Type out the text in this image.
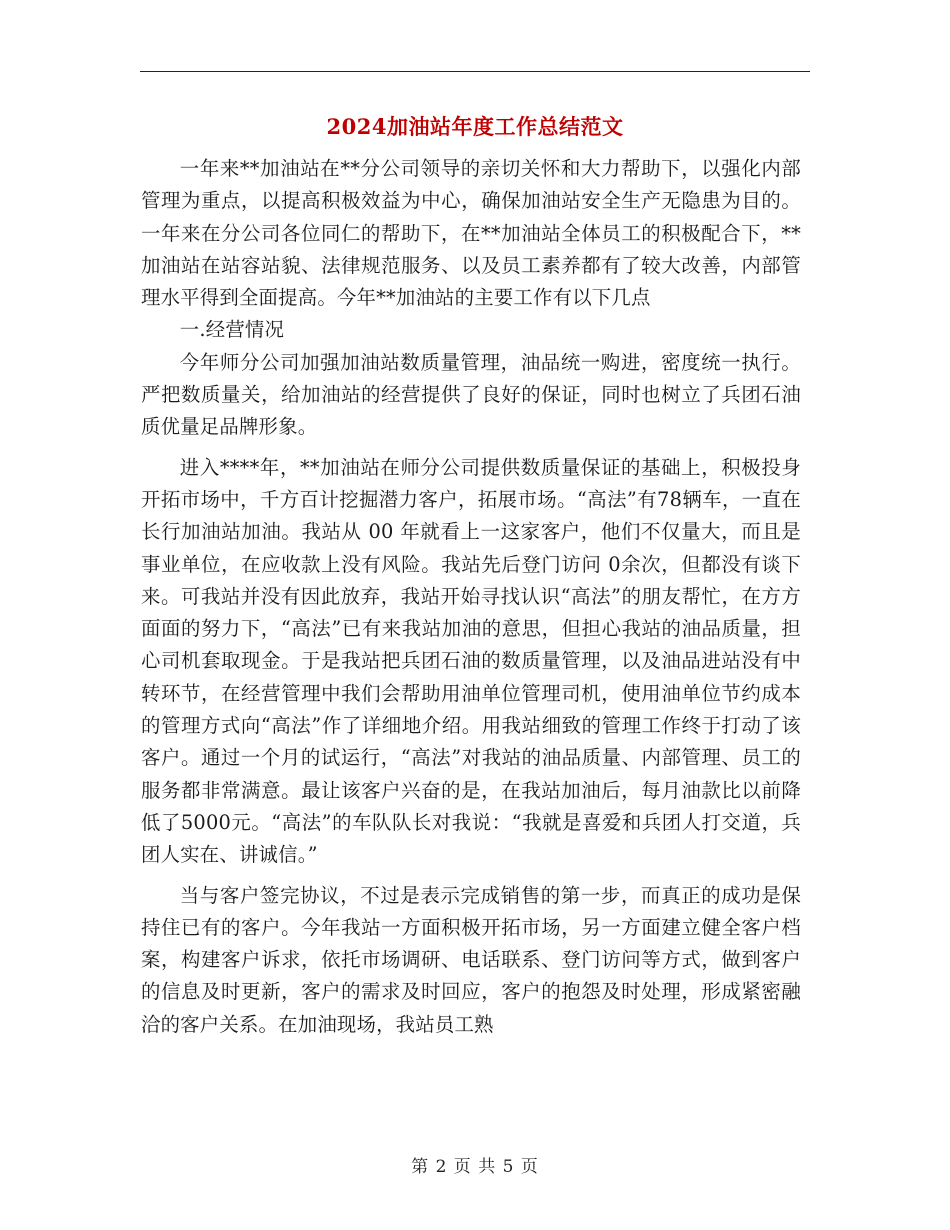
2024加油站年度工作总结范文

一年来**加油站在**分公司领导的亲切关怀和大力帮助下，以强化内部管理为重点，以提高积极效益为中心，确保加油站安全生产无隐患为目的。一年来在分公司各位同仁的帮助下，在**加油站全体员工的积极配合下，**加油站在站容站貌、法律规范服务、以及员工素养都有了较大改善，内部管理水平得到全面提高。今年**加油站的主要工作有以下几点

一.经营情况

今年师分公司加强加油站数质量管理，油品统一购进，密度统一执行。严把数质量关，给加油站的经营提供了良好的保证，同时也树立了兵团石油质优量足品牌形象。

进入****年，**加油站在师分公司提供数质量保证的基础上，积极投身开拓市场中，千方百计挖掘潜力客户，拓展市场。“高法”有78辆车，一直在长行加油站加油。我站从 00 年就看上一这家客户，他们不仅量大，而且是事业单位，在应收款上没有风险。我站先后登门访问 0余次，但都没有谈下来。可我站并没有因此放弃，我站开始寻找认识“高法”的朋友帮忙，在方方面面的努力下，“高法”已有来我站加油的意思，但担心我站的油品质量，担心司机套取现金。于是我站把兵团石油的数质量管理，以及油品进站没有中转环节，在经营管理中我们会帮助用油单位管理司机，使用油单位节约成本的管理方式向“高法”作了详细地介绍。用我站细致的管理工作终于打动了该客户。通过一个月的试运行，“高法”对我站的油品质量、内部管理、员工的服务都非常满意。最让该客户兴奋的是，在我站加油后，每月油款比以前降低了5000元。“高法”的车队队长对我说：“我就是喜爱和兵团人打交道，兵团人实在、讲诚信。”

当与客户签完协议，不过是表示完成销售的第一步，而真正的成功是保持住已有的客户。今年我站一方面积极开拓市场，另一方面建立健全客户档案，构建客户诉求，依托市场调研、电话联系、登门访问等方式，做到客户的信息及时更新，客户的需求及时回应，客户的抱怨及时处理，形成紧密融洽的客户关系。在加油现场，我站员工熟

第 2 页 共 5 页
